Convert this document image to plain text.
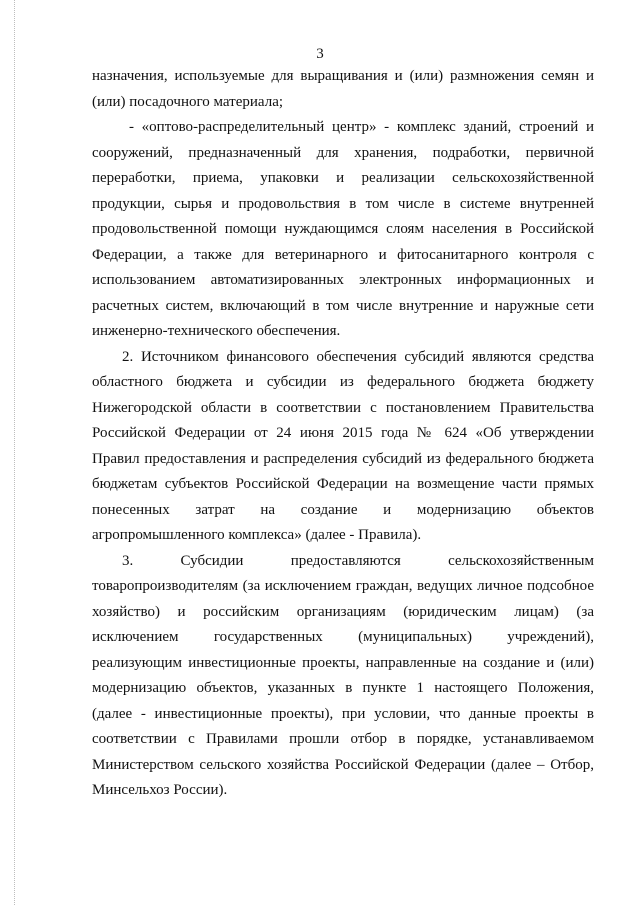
3
назначения, используемые для выращивания и (или) размножения семян и
(или) посадочного материала;
- «оптово-распределительный центр» - комплекс зданий, строений и
сооружений, предназначенный для хранения, подработки, первичной
переработки, приема, упаковки и реализации сельскохозяйственной
продукции, сырья и продовольствия в том числе в системе внутренней
продовольственной помощи нуждающимся слоям населения в Российской
Федерации, а также для ветеринарного и фитосанитарного контроля с
использованием автоматизированных электронных информационных и
расчетных систем, включающий в том числе внутренние и наружные сети
инженерно-технического обеспечения.
2. Источником финансового обеспечения субсидий являются средства
областного бюджета и субсидии из федерального бюджета бюджету
Нижегородской области в соответствии с постановлением Правительства
Российской Федерации от 24 июня 2015 года № 624 «Об утверждении
Правил предоставления и распределения субсидий из федерального бюджета
бюджетам субъектов Российской Федерации на возмещение части прямых
понесенных затрат на создание и модернизацию объектов
агропромышленного комплекса» (далее - Правила).
3. Субсидии предоставляются сельскохозяйственным
товаропроизводителям (за исключением граждан, ведущих личное подсобное
хозяйство) и российским организациям (юридическим лицам) (за
исключением государственных (муниципальных) учреждений),
реализующим инвестиционные проекты, направленные на создание и (или)
модернизацию объектов, указанных в пункте 1 настоящего Положения,
(далее - инвестиционные проекты), при условии, что данные проекты в
соответствии с Правилами прошли отбор в порядке, устанавливаемом
Министерством сельского хозяйства Российской Федерации (далее – Отбор,
Минсельхоз России).
